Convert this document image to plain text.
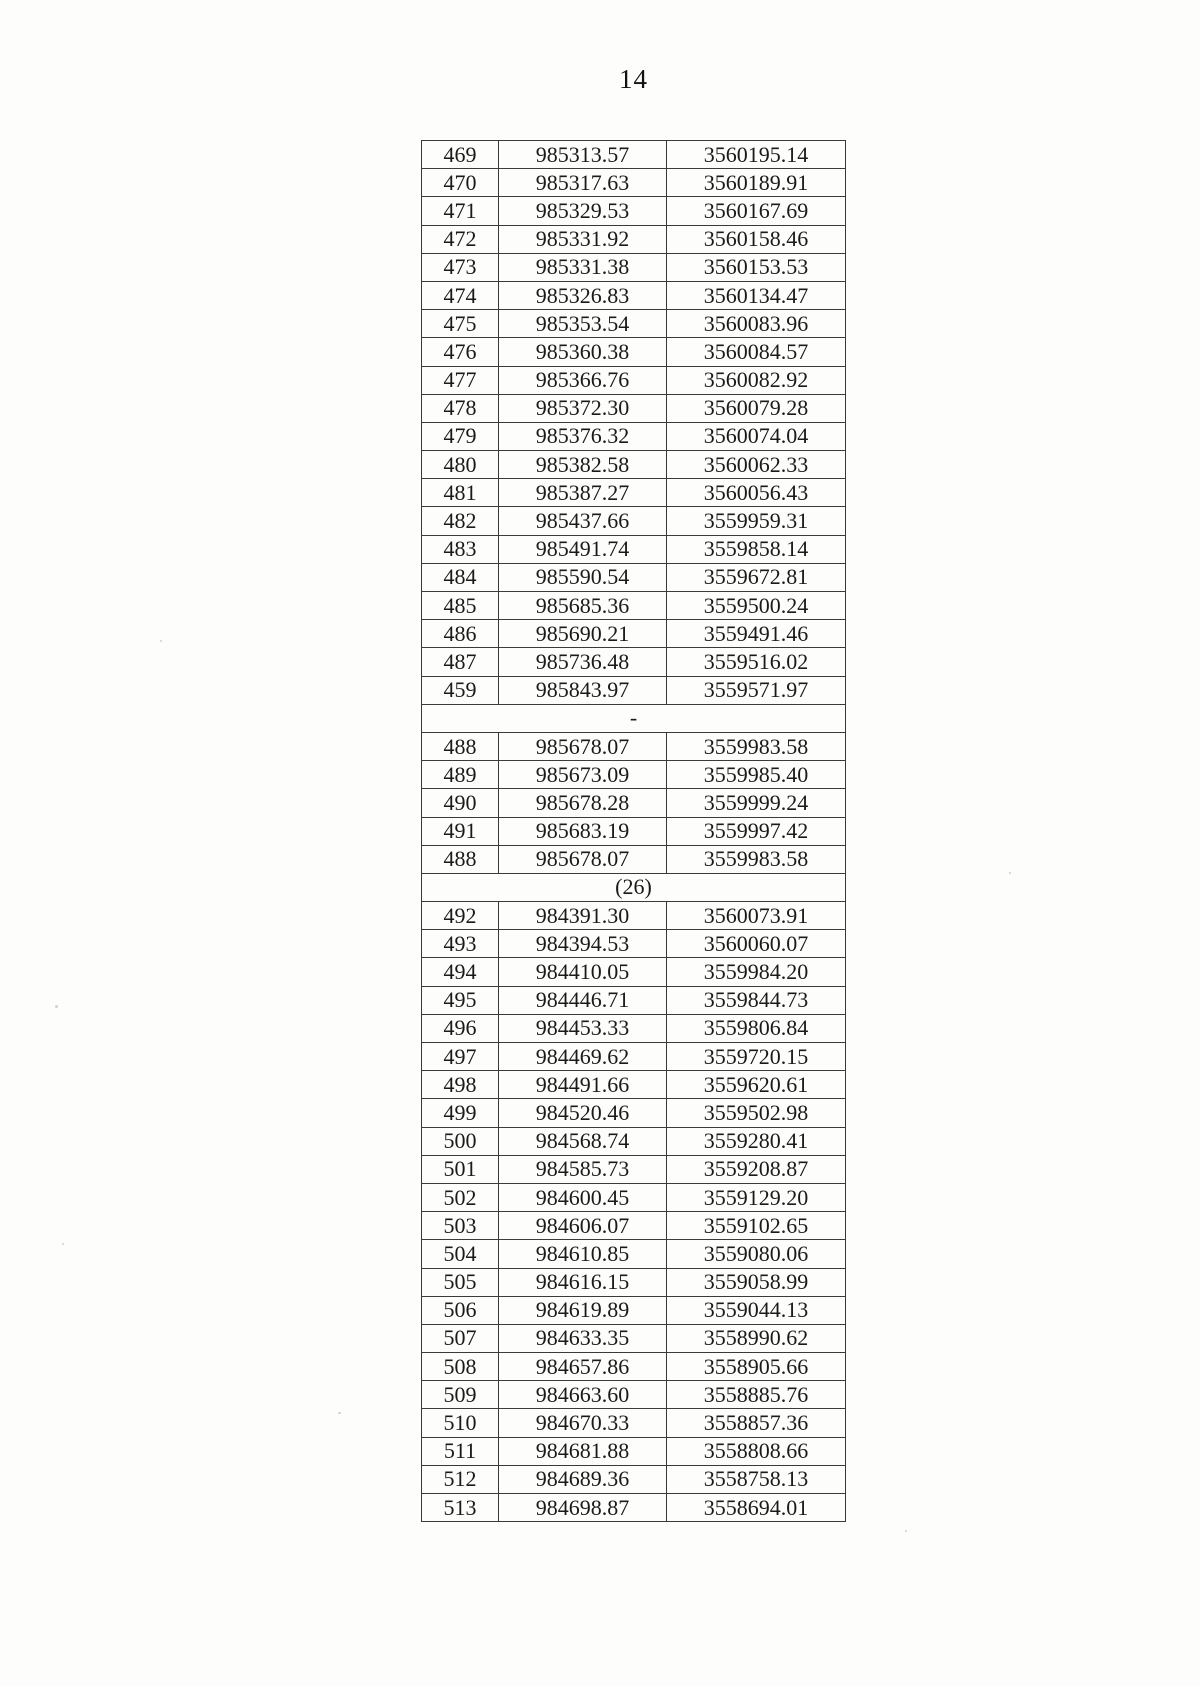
14
469	985313.57	3560195.14
470	985317.63	3560189.91
471	985329.53	3560167.69
472	985331.92	3560158.46
473	985331.38	3560153.53
474	985326.83	3560134.47
475	985353.54	3560083.96
476	985360.38	3560084.57
477	985366.76	3560082.92
478	985372.30	3560079.28
479	985376.32	3560074.04
480	985382.58	3560062.33
481	985387.27	3560056.43
482	985437.66	3559959.31
483	985491.74	3559858.14
484	985590.54	3559672.81
485	985685.36	3559500.24
486	985690.21	3559491.46
487	985736.48	3559516.02
459	985843.97	3559571.97
-		
488	985678.07	3559983.58
489	985673.09	3559985.40
490	985678.28	3559999.24
491	985683.19	3559997.42
488	985678.07	3559983.58
(26)		
492	984391.30	3560073.91
493	984394.53	3560060.07
494	984410.05	3559984.20
495	984446.71	3559844.73
496	984453.33	3559806.84
497	984469.62	3559720.15
498	984491.66	3559620.61
499	984520.46	3559502.98
500	984568.74	3559280.41
501	984585.73	3559208.87
502	984600.45	3559129.20
503	984606.07	3559102.65
504	984610.85	3559080.06
505	984616.15	3559058.99
506	984619.89	3559044.13
507	984633.35	3558990.62
508	984657.86	3558905.66
509	984663.60	3558885.76
510	984670.33	3558857.36
511	984681.88	3558808.66
512	984689.36	3558758.13
513	984698.87	3558694.01
